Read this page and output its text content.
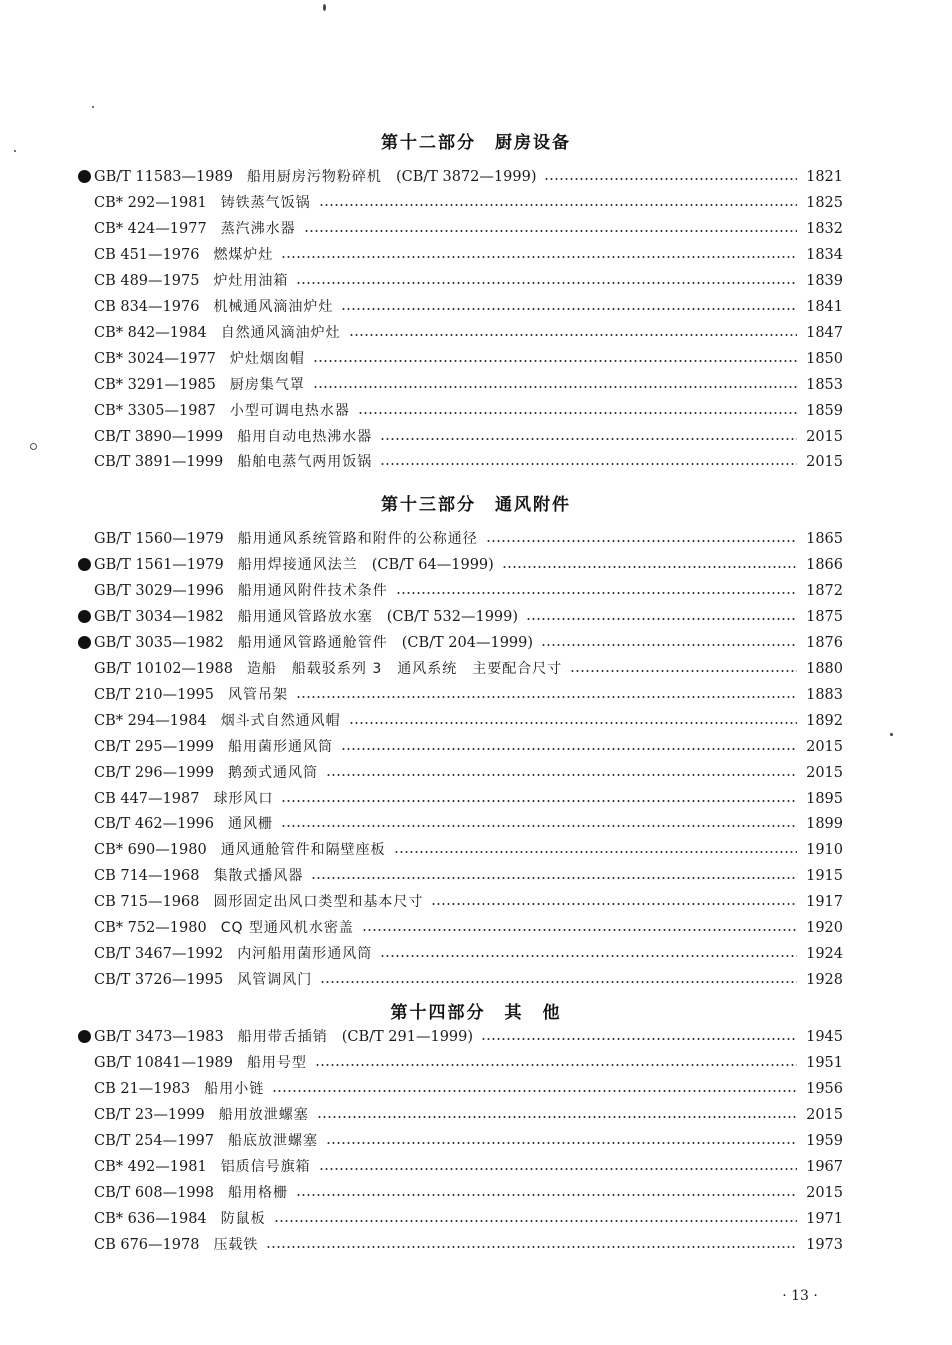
第十二部分　厨房设备
GB/T 11583—1989 船用厨房污物粉碎机 (CB/T 3872—1999)	1821
CB* 292—1981 铸铁蒸气饭锅	1825
CB* 424—1977 蒸汽沸水器	1832
CB 451—1976 燃煤炉灶	1834
CB 489—1975 炉灶用油箱	1839
CB 834—1976 机械通风滴油炉灶	1841
CB* 842—1984 自然通风滴油炉灶	1847
CB* 3024—1977 炉灶烟囱帽	1850
CB* 3291—1985 厨房集气罩	1853
CB* 3305—1987 小型可调电热水器	1859
CB/T 3890—1999 船用自动电热沸水器	2015
CB/T 3891—1999 船舶电蒸气两用饭锅	2015
第十三部分　通风附件
GB/T 1560—1979 船用通风系统管路和附件的公称通径	1865
GB/T 1561—1979 船用焊接通风法兰 (CB/T 64—1999)	1866
GB/T 3029—1996 船用通风附件技术条件	1872
GB/T 3034—1982 船用通风管路放水塞 (CB/T 532—1999)	1875
GB/T 3035—1982 船用通风管路通舱管件 (CB/T 204—1999)	1876
GB/T 10102—1988 造船　船载驳系列 3　通风系统　主要配合尺寸	1880
CB/T 210—1995 风管吊架	1883
CB* 294—1984 烟斗式自然通风帽	1892
CB/T 295—1999 船用菌形通风筒	2015
CB/T 296—1999 鹅颈式通风筒	2015
CB 447—1987 球形风口	1895
CB/T 462—1996 通风栅	1899
CB* 690—1980 通风通舱管件和隔壁座板	1910
CB 714—1968 集散式播风器	1915
CB 715—1968 圆形固定出风口类型和基本尺寸	1917
CB* 752—1980 CQ 型通风机水密盖	1920
CB/T 3467—1992 内河船用菌形通风筒	1924
CB/T 3726—1995 风管调风门	1928
第十四部分　其　他
GB/T 3473—1983 船用带舌插销 (CB/T 291—1999)	1945
GB/T 10841—1989 船用号型	1951
CB 21—1983 船用小链	1956
CB/T 23—1999 船用放泄螺塞	2015
CB/T 254—1997 船底放泄螺塞	1959
CB* 492—1981 铝质信号旗箱	1967
CB/T 608—1998 船用格栅	2015
CB* 636—1984 防鼠板	1971
CB 676—1978 压载铁	1973
· 13 ·
